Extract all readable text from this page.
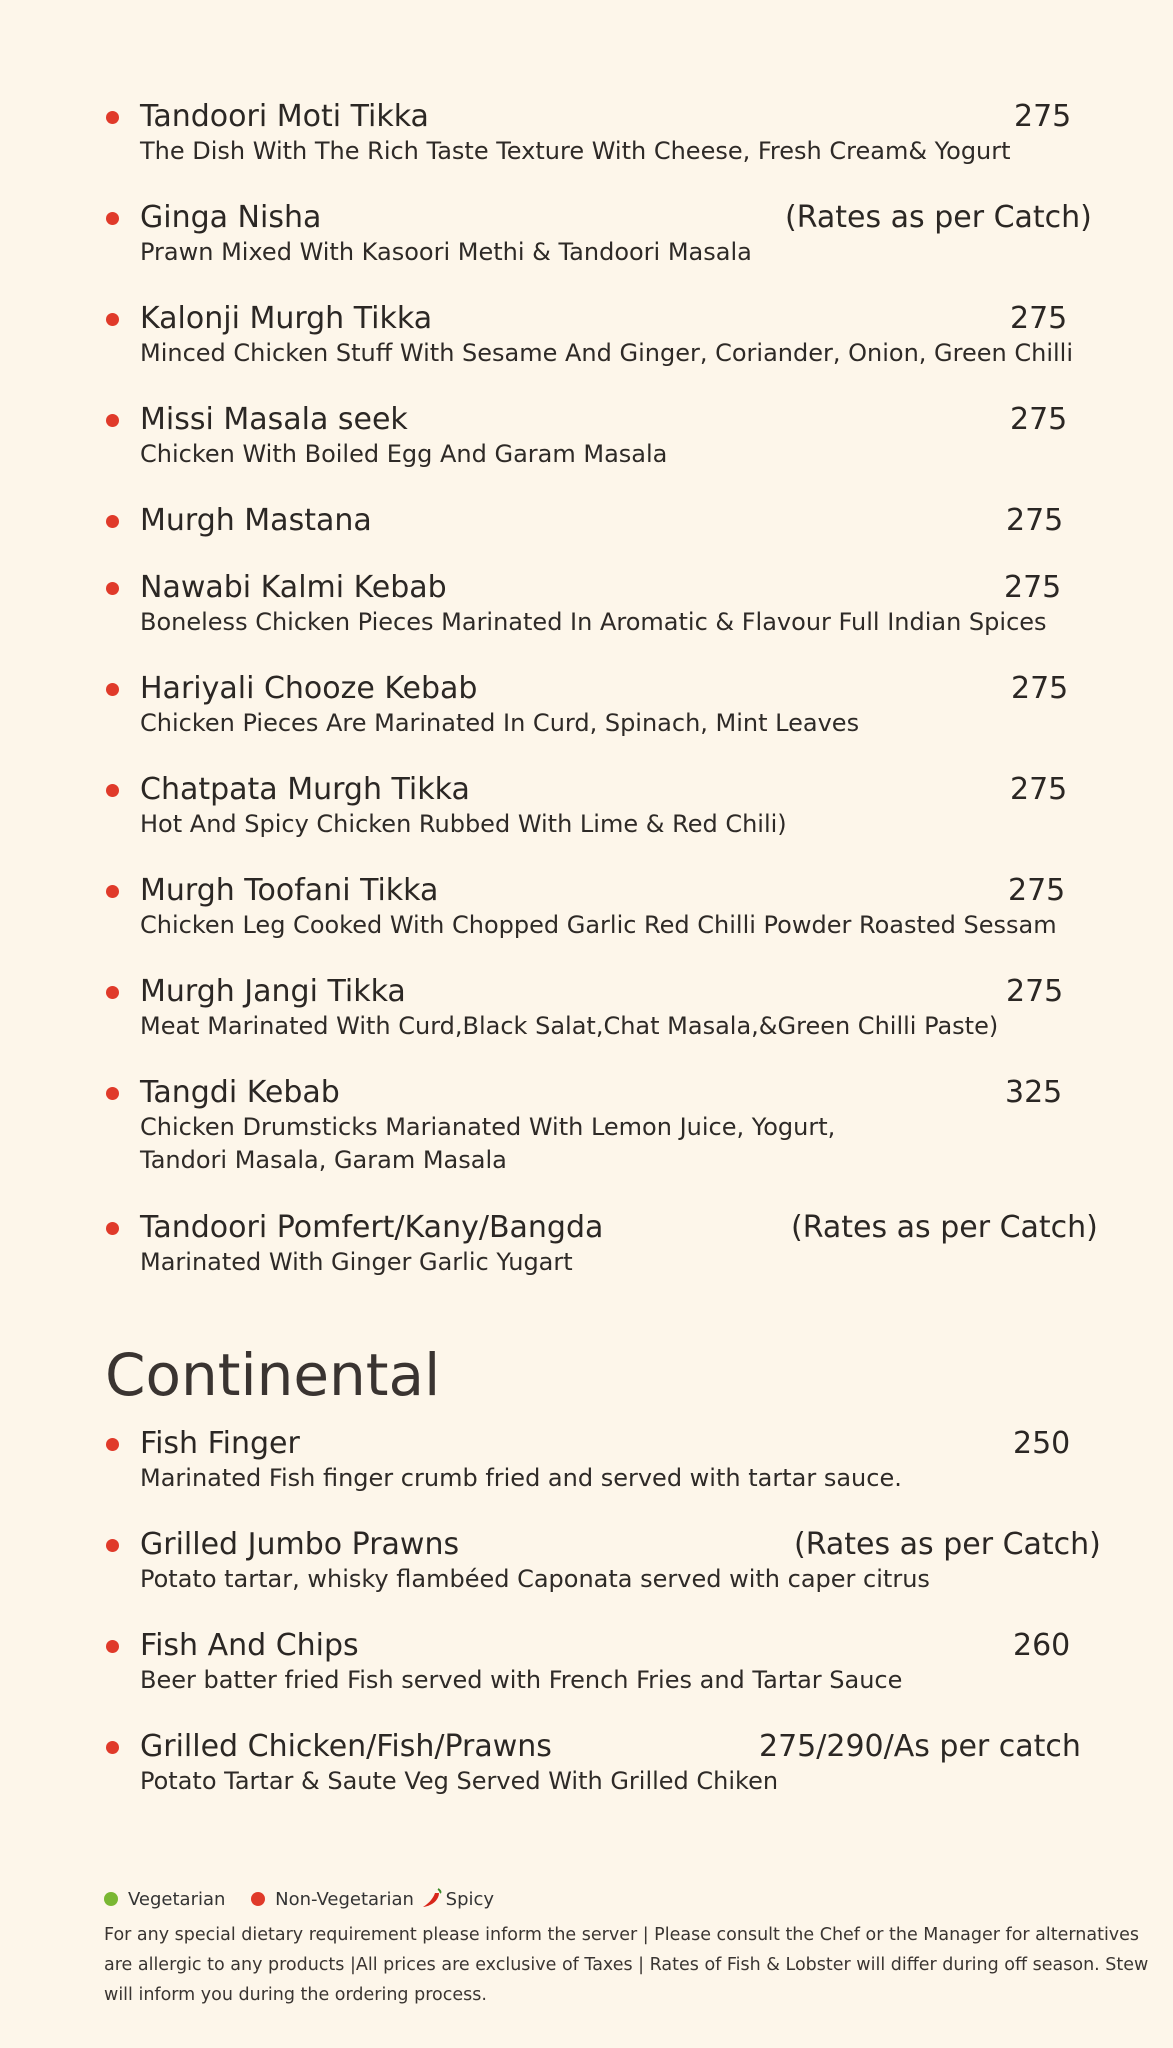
Tandoori Moti Tikka	275
The Dish With The Rich Taste Texture With Cheese, Fresh Cream& Yogurt
Ginga Nisha	(Rates as per Catch)
Prawn Mixed With Kasoori Methi & Tandoori Masala
Kalonji Murgh Tikka	275
Minced Chicken Stuff With Sesame And Ginger, Coriander, Onion, Green Chilli
Missi Masala seek	275
Chicken With Boiled Egg And Garam Masala
Murgh Mastana	275
Nawabi Kalmi Kebab	275
Boneless Chicken Pieces Marinated In Aromatic & Flavour Full Indian Spices
Hariyali Chooze Kebab	275
Chicken Pieces Are Marinated In Curd, Spinach, Mint Leaves
Chatpata Murgh Tikka	275
Hot And Spicy Chicken Rubbed With Lime & Red Chili)
Murgh Toofani Tikka	275
Chicken Leg Cooked With Chopped Garlic Red Chilli Powder Roasted Sessam
Murgh Jangi Tikka	275
Meat Marinated With Curd,Black Salat,Chat Masala,&Green Chilli Paste)
Tangdi Kebab	325
Chicken Drumsticks Marianated With Lemon Juice, Yogurt,
Tandori Masala, Garam Masala
Tandoori Pomfert/Kany/Bangda	(Rates as per Catch)
Marinated With Ginger Garlic Yugart
Fish Finger	250
Marinated Fish finger crumb fried and served with tartar sauce.
Grilled Jumbo Prawns	(Rates as per Catch)
Potato tartar, whisky flambéed Caponata served with caper citrus
Fish And Chips	260
Beer batter fried Fish served with French Fries and Tartar Sauce
Grilled Chicken/Fish/Prawns	275/290/As per catch
Potato Tartar & Saute Veg Served With Grilled Chiken
Continental
Vegetarian	Non-Vegetarian Spicy
For any special dietary requirement please inform the server | Please consult the Chef or the Manager for alternatives
are allergic to any products |All prices are exclusive of Taxes | Rates of Fish & Lobster will differ during off season. Stew
will inform you during the ordering process.
